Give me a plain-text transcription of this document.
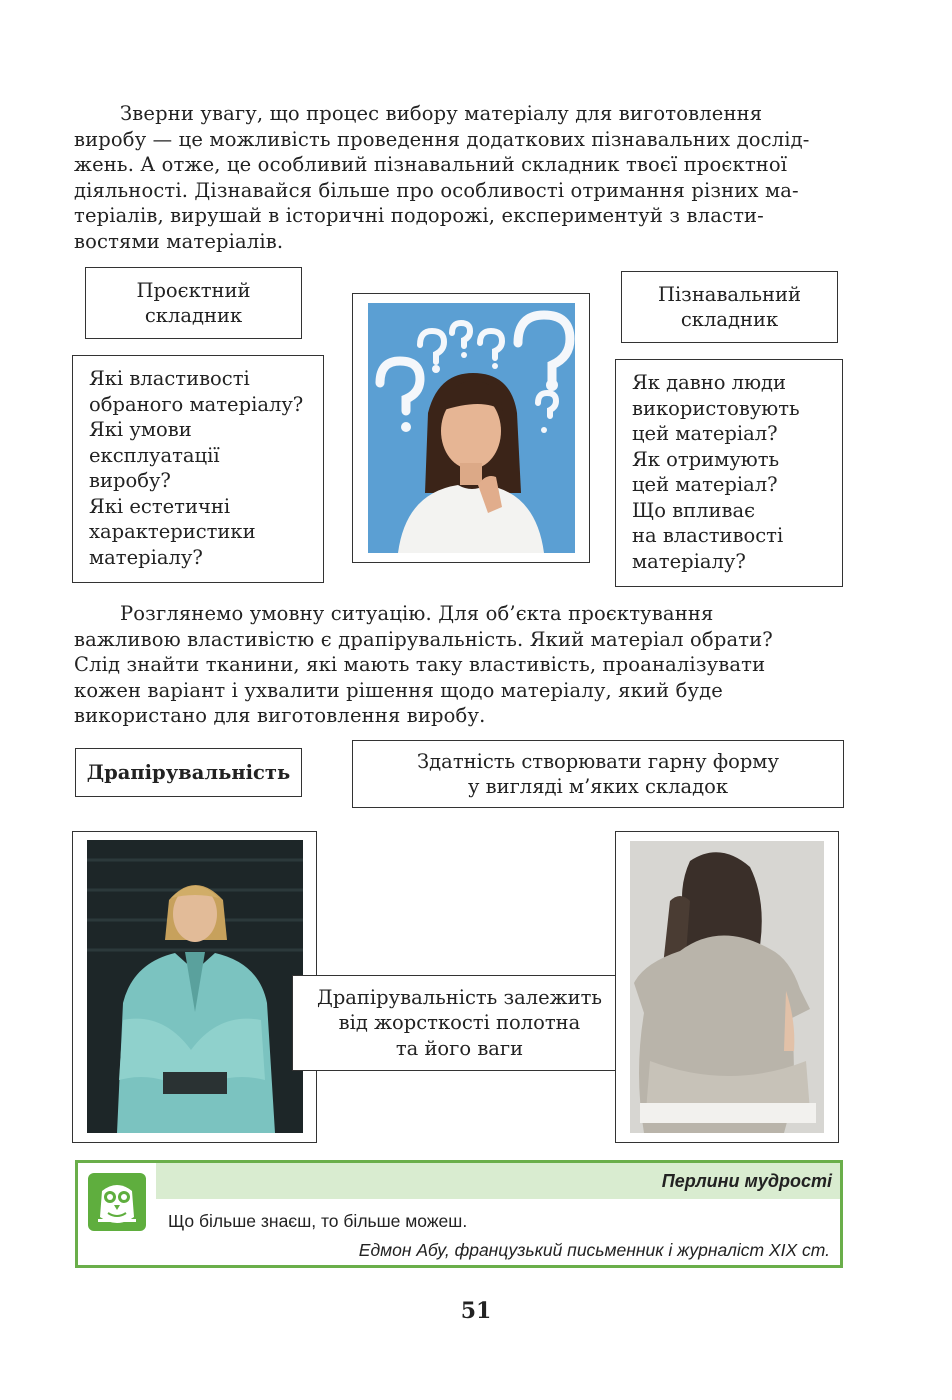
Зверни увагу, що процес вибору матеріалу для виготовлення
виробу — це можливість проведення додаткових пізнавальних дослід-
жень. А отже, це особливий пізнавальний складник твоєї проєктної
діяльності. Дізнавайся більше про особливості отримання різних ма-
теріалів, вирушай в історичні подорожі, експериментуй з власти-
востями матеріалів.
Проєктний
складник
Які властивості
обраного матеріалу?
Які умови
експлуатації
виробу?
Які естетичні
характеристики
матеріалу?
Пізнавальний
складник
Як давно люди
використовують
цей матеріал?
Як отримують
цей матеріал?
Що впливає
на властивості
матеріалу?
Розглянемо умовну ситуацію. Для об’єкта проєктування
важливою властивістю є драпірувальність. Який матеріал обрати?
Слід знайти тканини, які мають таку властивість, проаналізувати
кожен варіант і ухвалити рішення щодо матеріалу, який буде
використано для виготовлення виробу.
Драпірувальність	Здатність створювати гарну форму
у вигляді м’яких складок
Драпірувальність залежить
від жорсткості полотна
та його ваги
Перлини мудрості
Що більше знаєш, то більше можеш.
Едмон Абу, французький письменник і журналіст XIX ст.
51
